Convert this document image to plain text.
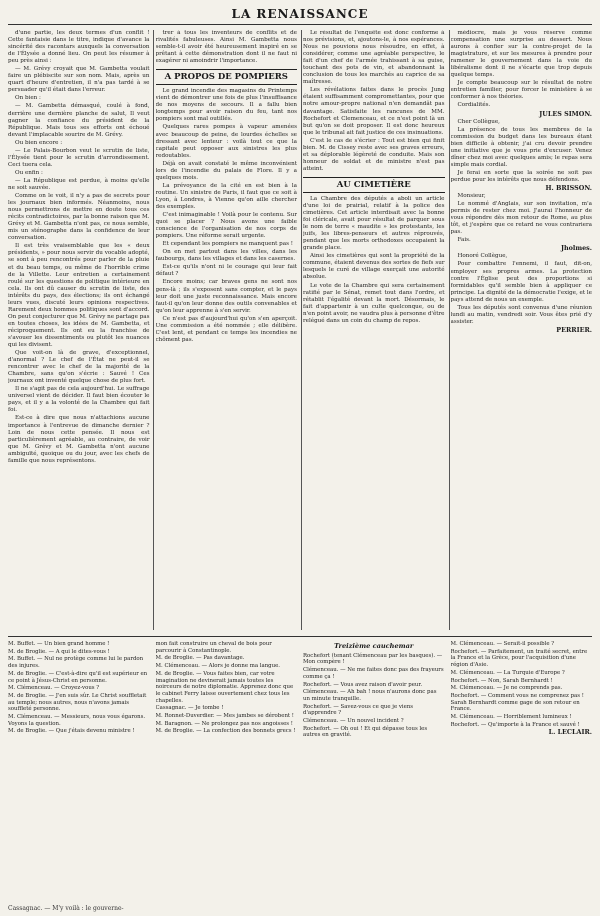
LA RENAISSANCE

d'une partie, les deux termes d'un conflit ! Cette fantaisie dans le titre, indique d'avance la sincérité des racontars auxquels la conversation de l'Élysée a donné lieu. On peut les résumer à peu près ainsi :

— M. Grévy croyait que M. Gambetta voulait faire un plébiscite sur son nom. Mais, après un quart d'heure d'entretien, il n'a pas tardé à se persuader qu'il était dans l'erreur.

On bien :

— M. Gambetta démasqué, coulé à fond, derrière une dernière planche de salut, Il veut gagner la confiance du président de la République. Mais tous ses efforts ont échoué devant l'implacable sourire de M. Grévy.

Ou bien encore :

— Le Palais-Bourbon veut le scrutin de liste, l'Élysée tient pour le scrutin d'arrondissement. Ceci tuera cela.

Ou enfin :

— La République est perdue, à moins qu'elle ne soit sauvée.

Comme on le voit, il n'y a pas de secrets pour les journaux bien informés. Néanmoins, nous nous permettrons de mettre en doute tous ces récits contradictoires, par la bonne raison que M. Grévy et M. Gambetta n'ont pas, ce nous semble, mis un sténographe dans la confidence de leur conversation.

Il est très vraisemblable que les « deux présidents, » pour nous servir du vocable adopté, se sont à peu rencontrés pour parler de la pluie et du beau temps, ou même de l'horrible crime de la Villette. Leur entretien a certainement roulé sur les questions de politique intérieure en cela. Ils ont dû causer du scrutin de liste, des intérêts du pays, des élections; ils ont échangé leurs vues, discuté leurs opinions respectives. Rarement deux hommes politiques sont d'accord. On peut conjecturer que M. Grévy ne partage pas en toutes choses, les idées de M. Gambetta, et réciproquement. Ils ont eu la franchise de s'avouer les dissentiments ou plutôt les nuances qui les divisent.

Que voit-on là de grave, d'exceptionnel, d'anormal ? Le chef de l'État ne peut-il se rencontrer avec le chef de la majorité de la Chambre, sans qu'on s'écrie : Sauvé ! Ces journaux ont inventé quelque chose de plus fort.

Il ne s'agit pas de cela aujourd'hui. Le suffrage universel vient de décider. Il faut bien écouter le pays, et il y a la volonté de la Chambre qui fait foi.

Est-ce à dire que nous n'attachions aucune importance à l'entrevue de dimanche dernier ? Loin de nous cette pensée. Il nous est particulièrement agréable, au contraire, de voir que M. Grévy et M. Gambetta n'ont aucune ambiguïté, quoique ou du jour, avec les chefs de famille que nous représentons.

trer à tous les inventeurs de conflits et de rivalités fabuleuses. Ainsi M. Gambetta nous semble-t-il avoir été heureusement inspiré en se prêtant à cette démonstration dont il ne faut ni exagérer ni amoindrir l'importance.

A PROPOS DE POMPIERS

Le grand incendie des magasins du Printemps vient de démontrer une fois de plus l'insuffisance de nos moyens de secours. Il a fallu bien longtemps pour avoir raison du feu, tant nos pompiers sont mal outillés.

Quelques rares pompes à vapeur amenées avec beaucoup de peine, de lourdes échelles se dressant avec lenteur : voilà tout ce que la capitale peut opposer aux sinistres les plus redoutables.

Déjà on avait constaté le même inconvénient lors de l'incendie du palais de Flore. Il y a quelques mois.

La prévoyance de la cité en est bien à la routine. Un sinistre de Paris, il faut que ce soit à Lyon, à Londres, à Vienne qu'on aille chercher des exemples.

C'est inimaginable ! Voilà pour le contenu. Sur quoi se placer ? Nous avons une faible conscience de l'organisation de nos corps de pompiers. Une réforme serait urgente.

Et cependant les pompiers ne manquent pas !

On en met partout dans les villes, dans les faubourgs, dans les villages et dans les casernes.

Est-ce qu'ils n'ont ni le courage qui leur fait défaut ?

Encore moins; car braves gens ne sont nos gens-là ; ils s'exposent sans compter, et le pays leur doit une juste reconnaissance. Mais encore faut-il qu'on leur donne des outils convenables et qu'on leur apprenne à s'en servir.

Ce n'est pas d'aujourd'hui qu'on s'en aperçoit. Une commission a été nommée ; elle délibère. C'est lent, et pendant ce temps les incendies ne chôment pas.

Le résultat de l'enquête est donc conforme à nos prévisions, et, ajoutons-le, à nos espérances. Nous ne pouvions nous résoudre, en effet, à considérer, comme une agréable perspective, le fait d'un chef de l'armée trahissant à sa guise, touchant des pots de vin, et abandonnant la conclusion de tous les marchés au caprice de sa maîtresse.

Les révélations faites dans le procès Jung étaient suffisamment compromettantes, pour que notre amour-propre national n'en demandât pas davantage. Satisfaite les rancunes de MM. Rochefort et Clemenceau, et ce n'est point là un but qu'on se doit proposer. Il est donc heureux que le tribunal ait fait justice de ces insinuations.

C'est le cas de s'écrier : Tout est bien qui finit bien. M. de Cissey reste avec ses graves erreurs, et sa déplorable légèreté de conduite. Mais son honneur de soldat et de ministre n'est pas atteint.

AU CIMETIÈRE

La Chambre des députés a aboli un article d'une loi de prairial, relatif à la police des cimetières. Cet article interdisait avec la bonne foi cléricale, avait pour résultat de parquer sous le nom de terre « maudite » les protestants, les juifs, les libres-penseurs et autres réprouvés, pendant que les morts orthodoxes occupaient la grande place.

Ainsi les cimetières qui sont la propriété de la commune, étaient devenus des sortes de fiefs sur lesquels le curé de village exerçait une autorité absolue.

Le vote de la Chambre qui sera certainement ratifié par le Sénat, remet tout dans l'ordre, et rétablit l'égalité devant la mort. Désormais, le fait d'appartenir à un culte quelconque, ou de n'en point avoir, ne vaudra plus à personne d'être relégué dans un coin du champ de repos.

médiocre, mais je vous réserve comme compensation une surprise au dessert. Nous aurons à confier sur la contre-projet de la magistrature, et sur les mesures à prendre pour ramener le gouvernement dans la voie du libéralisme dont il ne s'écarte que trop depuis quelque temps.

Je compte beaucoup sur le résultat de notre entretien familier, pour forcer le ministère à se conformer à nos théories.

Cordialités.

JULES SIMON.

Cher Collègue,

La présence de tous les membres de la commission du budget dans les bureaux étant bien difficile à obtenir, j'ai cru devoir prendre une initiative que je vous prie d'excuser. Venez dîner chez moi avec quelques amis; le repas sera simple mais cordial.

Je ferai en sorte que la soirée ne soit pas perdue pour les intérêts que nous défendons.

H. BRISSON.

Monsieur,

Le nommé d'Anglais, sur son invitation, m'a permis de rester chez moi. J'aurai l'honneur de vous répondre dès mon retour de Rome, au plus tôt, et j'espère que ce retard ne vous contrariera pas.

Fais.

Jholmes.

Honoré Collègue,

Pour combattre l'ennemi, il faut, dit-on, employer ses propres armes. La protection contre l'Église peut des proportions si formidables qu'il semble bien à appliquer ce principe. La dignité de la démocratie l'exige, et le pays attend de nous un exemple.

Tous les députés sont convenus d'une réunion lundi au matin, vendredi soir. Vous êtes prié d'y assister.

PERRIER.

M. Buffet. — Un bien grand homme !

M. de Broglie. — A qui le dites-vous !

M. Buffet. — Nul ne protège comme lui le pardon des injures.

M. de Broglie. — C'est-à-dire qu'il est supérieur en ce point à Jésus-Christ en personne.

M. Clémenceau. — Croyez-vous ?

M. de Broglie. — J'en suis sûr. Le Christ souffletait au temple; nous autres, nous n'avons jamais souffleté personne.

M. Clémenceau. — Messieurs, nous vous égarons. Voyons la question.

M. de Broglie. — Que j'étais devenu ministre !

mon fait construire un cheval de bois pour parcourir à Constantinople.

M. de Broglie. — Pas davantage.

M. Clémenceau. — Alors je donne ma langue.

M. de Broglie. — Vous faites bien, car votre imagination ne devinerait jamais toutes les noirceurs de notre diplomatie. Apprenez donc que le cabinet Ferry laisse ouvertement chez tous les chapelles.

Cassagnac. — Je tombe !

M. Ronnet-Duverdier. — Mes jambes se dérobent !

M. Baragnon. — Ne prolongez pas nos angoisses !

M. de Broglie. — La confection des bonnets grecs !

Treizième cauchemar

Rochefort (tenant Clémenceau par les basques). — Mon compère !

Clémenceau. — Ne me faites donc pas des frayeurs comme ça !

Rochefort. — Vous avez raison d'avoir peur.

Clémenceau. — Ah bah ! nous n'aurons donc pas un minute tranquille.

Rochefort. — Savez-vous ce que je viens d'apprendre ?

Clémenceau. — Un nouvel incident ?

Rochefort. — Oh oui ! Et qui dépasse tous les autres en gravité.

M. Clémenceau. — Serait-il possible ?

Rochefort. — Parfaitement, un traité secret, entre la France et la Grèce, pour l'acquisition d'une région d'Asie.

M. Clémenceau. — La Turquie d'Europe ?

Rochefort. — Non, Sarah Bernhardt !

M. Clémenceau. — Je ne comprends pas.

Rochefort. — Comment vous ne comprenez pas ! Sarah Bernhardt comme gage de son retour en France.

M. Clémenceau. — Horriblement lumineux !

Rochefort. — Qu'importe à la France et sauvé !

L. LECLAIR.

Cassagnac. — M'y voilà : le gouverne-
